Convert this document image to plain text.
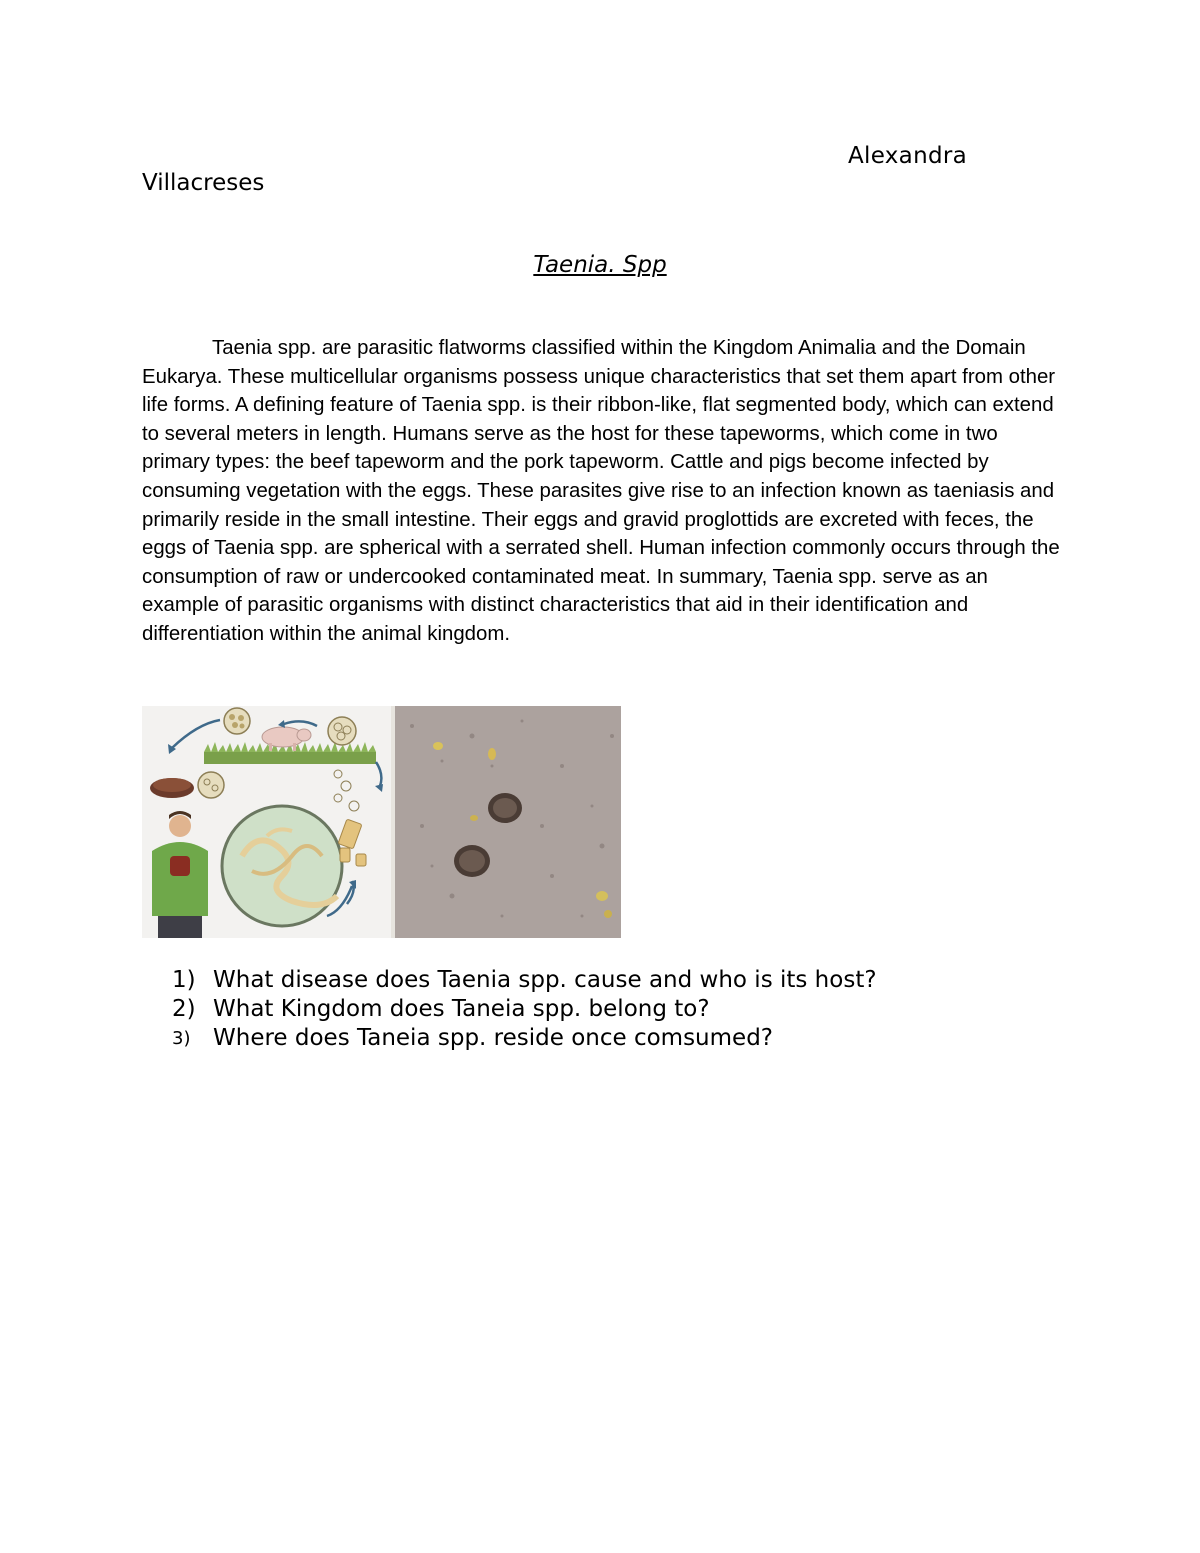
Alexandra
Villacreses
Taenia. Spp

Taenia spp. are parasitic flatworms classified within the Kingdom Animalia and the Domain Eukarya. These multicellular organisms possess unique characteristics that set them apart from other life forms. A defining feature of Taenia spp. is their ribbon-like, flat segmented body, which can extend to several meters in length. Humans serve as the host for these tapeworms, which come in two primary types: the beef tapeworm and the pork tapeworm. Cattle and pigs become infected by consuming vegetation with the eggs. These parasites give rise to an infection known as taeniasis and primarily reside in the small intestine. Their eggs and gravid proglottids are excreted with feces, the eggs of Taenia spp. are spherical with a serrated shell. Human infection commonly occurs through the consumption of raw or undercooked contaminated meat. In summary, Taenia spp. serve as an example of parasitic organisms with distinct characteristics that aid in their identification and differentiation within the animal kingdom.

1) What disease does Taenia spp. cause and who is its host?
2) What Kingdom does Taneia spp. belong to?
3) Where does Taneia spp. reside once comsumed?
